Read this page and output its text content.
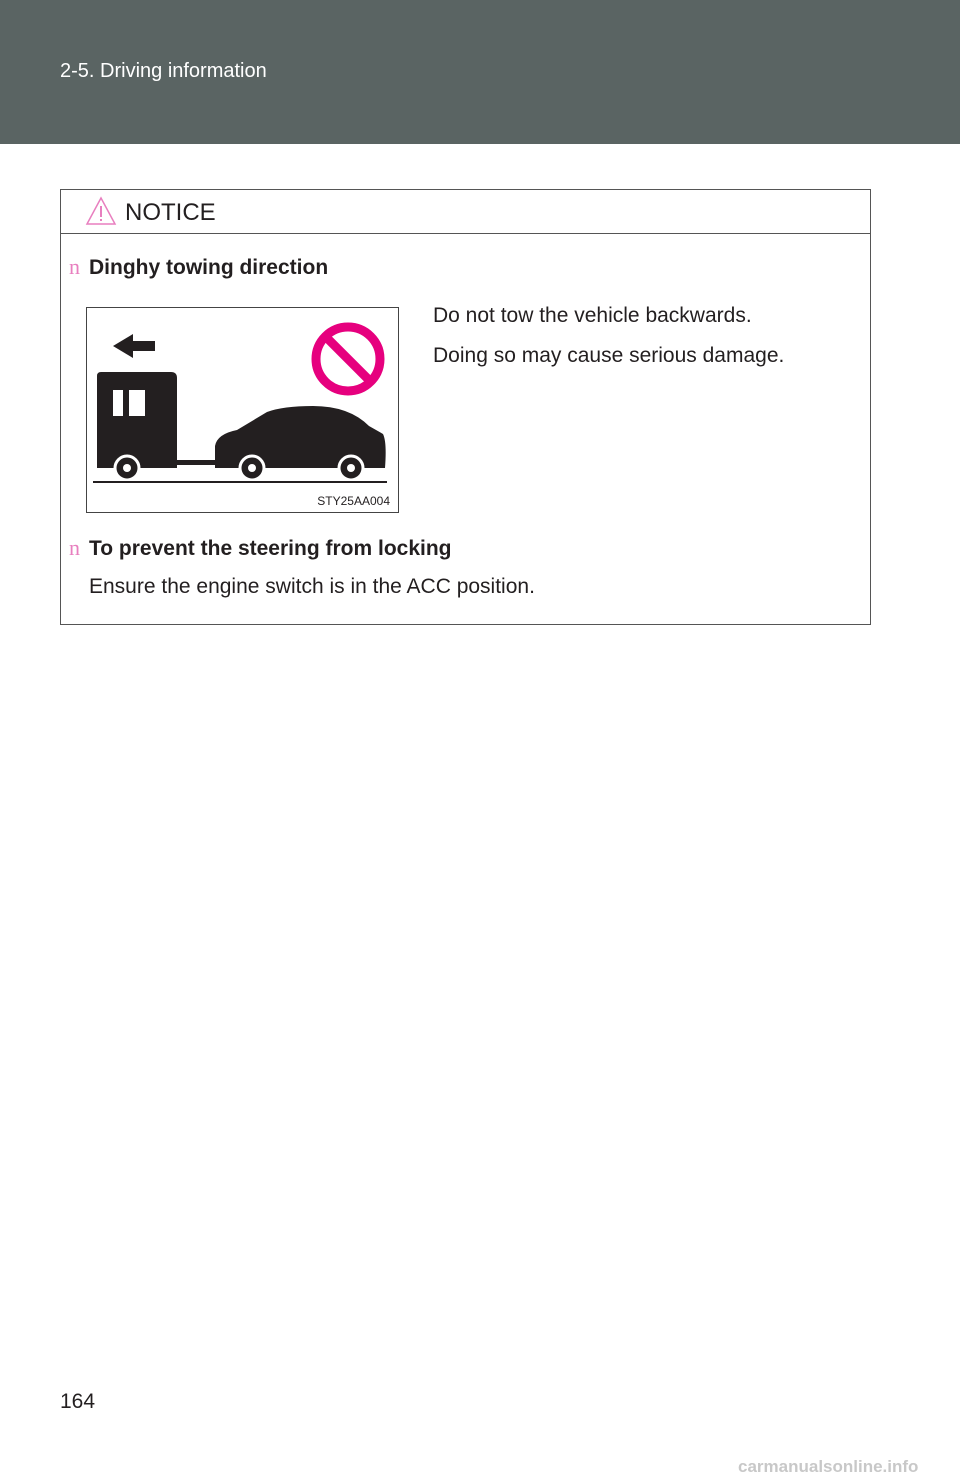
2-5. Driving information
NOTICE
n Dinghy towing direction
STY25AA004
Do not tow the vehicle backwards.
Doing so may cause serious damage.
n To prevent the steering from locking
Ensure the engine switch is in the ACC position.
164
carmanualsonline.info
